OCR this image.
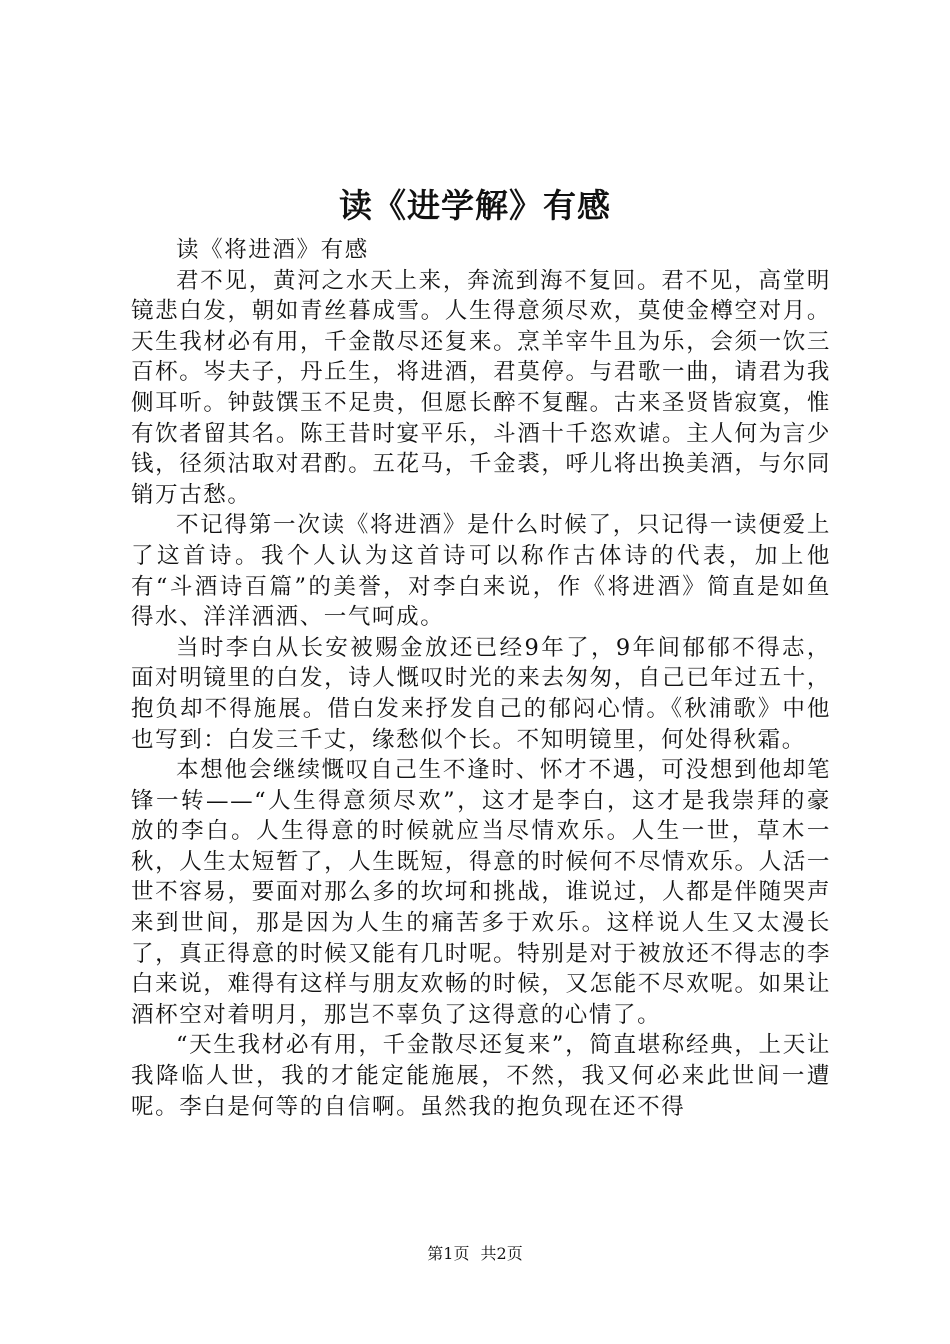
读《进学解》有感

读《将进酒》有感

君不见，黄河之水天上来，奔流到海不复回。君不见，高堂明镜悲白发，朝如青丝暮成雪。人生得意须尽欢，莫使金樽空对月。天生我材必有用，千金散尽还复来。烹羊宰牛且为乐，会须一饮三百杯。岑夫子，丹丘生，将进酒，君莫停。与君歌一曲，请君为我侧耳听。钟鼓馔玉不足贵，但愿长醉不复醒。古来圣贤皆寂寞，惟有饮者留其名。陈王昔时宴平乐，斗酒十千恣欢谑。主人何为言少钱，径须沽取对君酌。五花马，千金裘，呼儿将出换美酒，与尔同销万古愁。

不记得第一次读《将进酒》是什么时候了，只记得一读便爱上了这首诗。我个人认为这首诗可以称作古体诗的代表，加上他有“斗酒诗百篇”的美誉，对李白来说，作《将进酒》简直是如鱼得水、洋洋洒洒、一气呵成。

当时李白从长安被赐金放还已经9年了，9年间郁郁不得志，面对明镜里的白发，诗人慨叹时光的来去匆匆，自己已年过五十，抱负却不得施展。借白发来抒发自己的郁闷心情。《秋浦歌》中他也写到：白发三千丈，缘愁似个长。不知明镜里，何处得秋霜。

本想他会继续慨叹自己生不逢时、怀才不遇，可没想到他却笔锋一转——“人生得意须尽欢”，这才是李白，这才是我崇拜的豪放的李白。人生得意的时候就应当尽情欢乐。人生一世，草木一秋，人生太短暂了，人生既短，得意的时候何不尽情欢乐。人活一世不容易，要面对那么多的坎坷和挑战，谁说过，人都是伴随哭声来到世间，那是因为人生的痛苦多于欢乐。这样说人生又太漫长了，真正得意的时候又能有几时呢。特别是对于被放还不得志的李白来说，难得有这样与朋友欢畅的时候，又怎能不尽欢呢。如果让酒杯空对着明月，那岂不辜负了这得意的心情了。

“天生我材必有用，千金散尽还复来”，简直堪称经典，上天让我降临人世，我的才能定能施展，不然，我又何必来此世间一遭呢。李白是何等的自信啊。虽然我的抱负现在还不得

第1页 共2页
